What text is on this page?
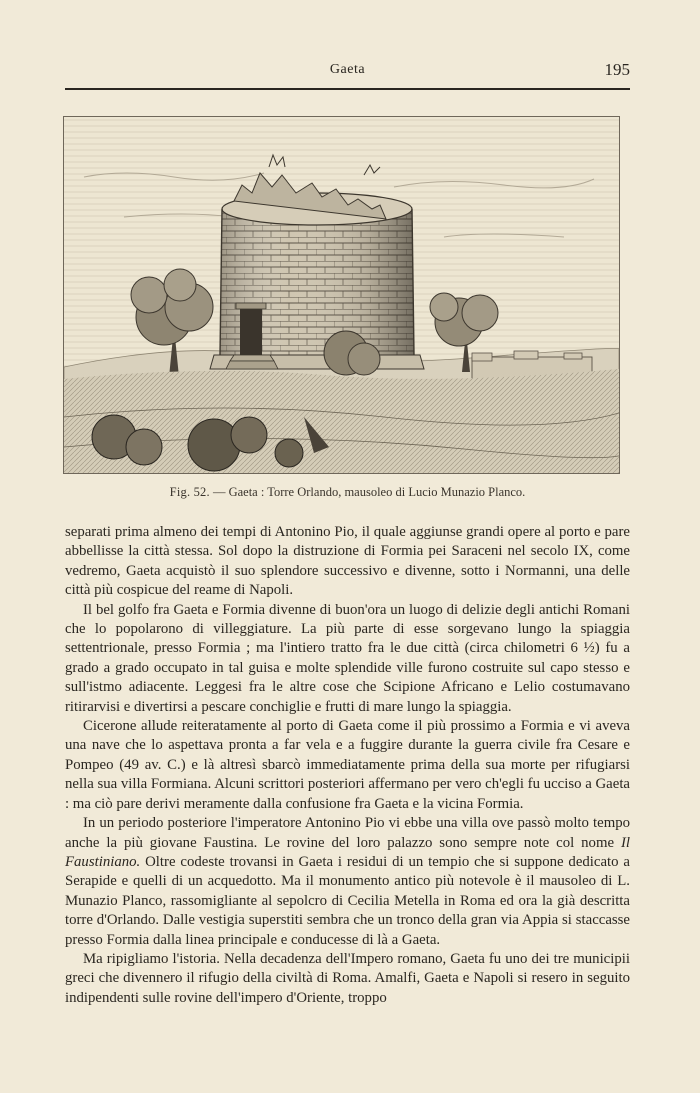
Gaeta	195
Fig. 52. — Gaeta : Torre Orlando, mausoleo di Lucio Munazio Planco.

separati prima almeno dei tempi di Antonino Pio, il quale aggiunse grandi opere al porto e pare abbellisse la città stessa. Sol dopo la distruzione di Formia pei Saraceni nel secolo IX, come vedremo, Gaeta acquistò il suo splendore successivo e divenne, sotto i Normanni, una delle città più cospicue del reame di Napoli.

Il bel golfo fra Gaeta e Formia divenne di buon'ora un luogo di delizie degli antichi Romani che lo popolarono di villeggiature. La più parte di esse sorgevano lungo la spiaggia settentrionale, presso Formia ; ma l'intiero tratto fra le due città (circa chilometri 6 ½) fu a grado a grado occupato in tal guisa e molte splendide ville furono costruite sul capo stesso e sull'istmo adiacente. Leggesi fra le altre cose che Scipione Africano e Lelio costumavano ritirarvisi e divertirsi a pescare conchiglie e frutti di mare lungo la spiaggia.

Cicerone allude reiteratamente al porto di Gaeta come il più prossimo a Formia e vi aveva una nave che lo aspettava pronta a far vela e a fuggire durante la guerra civile fra Cesare e Pompeo (49 av. C.) e là altresì sbarcò immediatamente prima della sua morte per rifugiarsi nella sua villa Formiana. Alcuni scrittori posteriori affermano per vero ch'egli fu ucciso a Gaeta : ma ciò pare derivi meramente dalla confusione fra Gaeta e la vicina Formia.

In un periodo posteriore l'imperatore Antonino Pio vi ebbe una villa ove passò molto tempo anche la più giovane Faustina. Le rovine del loro palazzo sono sempre note col nome Il Faustiniano. Oltre codeste trovansi in Gaeta i residui di un tempio che si suppone dedicato a Serapide e quelli di un acquedotto. Ma il monumento antico più notevole è il mausoleo di L. Munazio Planco, rassomigliante al sepolcro di Cecilia Metella in Roma ed ora la già descritta torre d'Orlando. Dalle vestigia superstiti sembra che un tronco della gran via Appia si staccasse presso Formia dalla linea principale e conducesse di là a Gaeta.

Ma ripigliamo l'istoria. Nella decadenza dell'Impero romano, Gaeta fu uno dei tre municipii greci che divennero il rifugio della civiltà di Roma. Amalfi, Gaeta e Napoli si resero in seguito indipendenti sulle rovine dell'impero d'Oriente, troppo
